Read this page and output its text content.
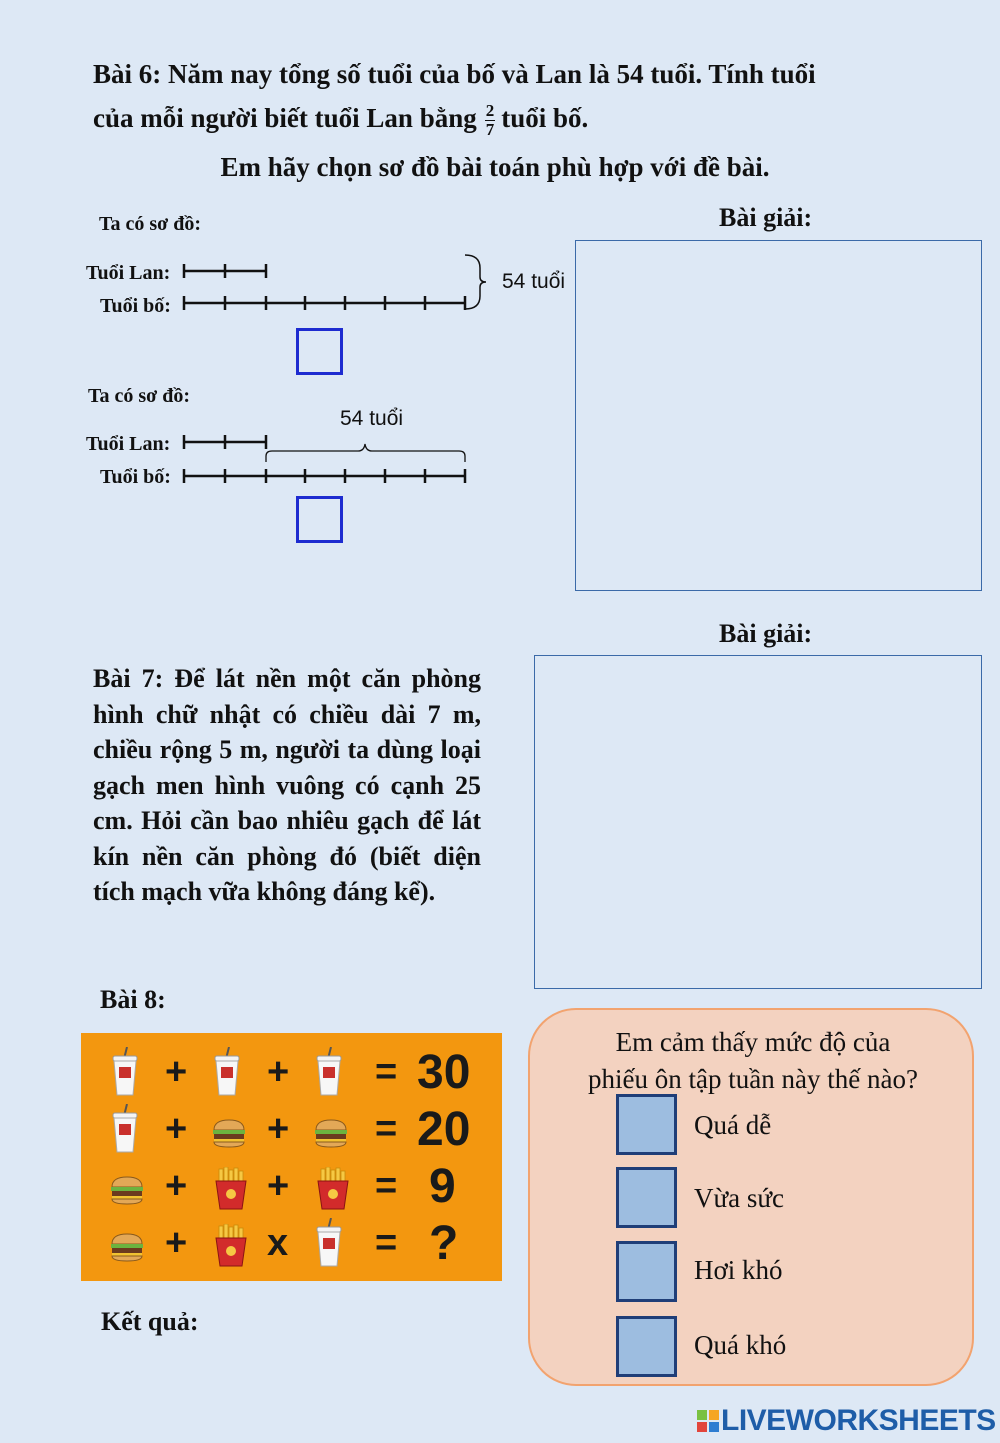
Bài 6: Năm nay tổng số tuổi của bố và Lan là 54 tuổi. Tính tuổi
của mỗi người biết tuổi Lan bằng $\frac{2}{7}$ tuổi bố.
Em hãy chọn sơ đồ bài toán phù hợp với đề bài.
Ta có sơ đồ:
Tuổi Lan:
Tuổi bố:
54 tuổi
Ta có sơ đồ:
54 tuổi
Tuổi Lan:
Tuổi bố:
Bài giải:
Bài giải:
Bài 7: Để lát nền một căn phòng hình chữ nhật có chiều dài 7 m, chiều rộng 5 m, người ta dùng loại gạch men hình vuông có cạnh 25 cm. Hỏi cần bao nhiêu gạch để lát kín nền căn phòng đó (biết diện tích mạch vữa không đáng kể).
Bài 8:
+ + = 30
+ + = 20
+ + = 9
+ x = ?
Kết quả:
Em cảm thấy mức độ của
phiếu ôn tập tuần này thế nào?
Quá dễ
Vừa sức
Hơi khó
Quá khó
LIVEWORKSHEETS
